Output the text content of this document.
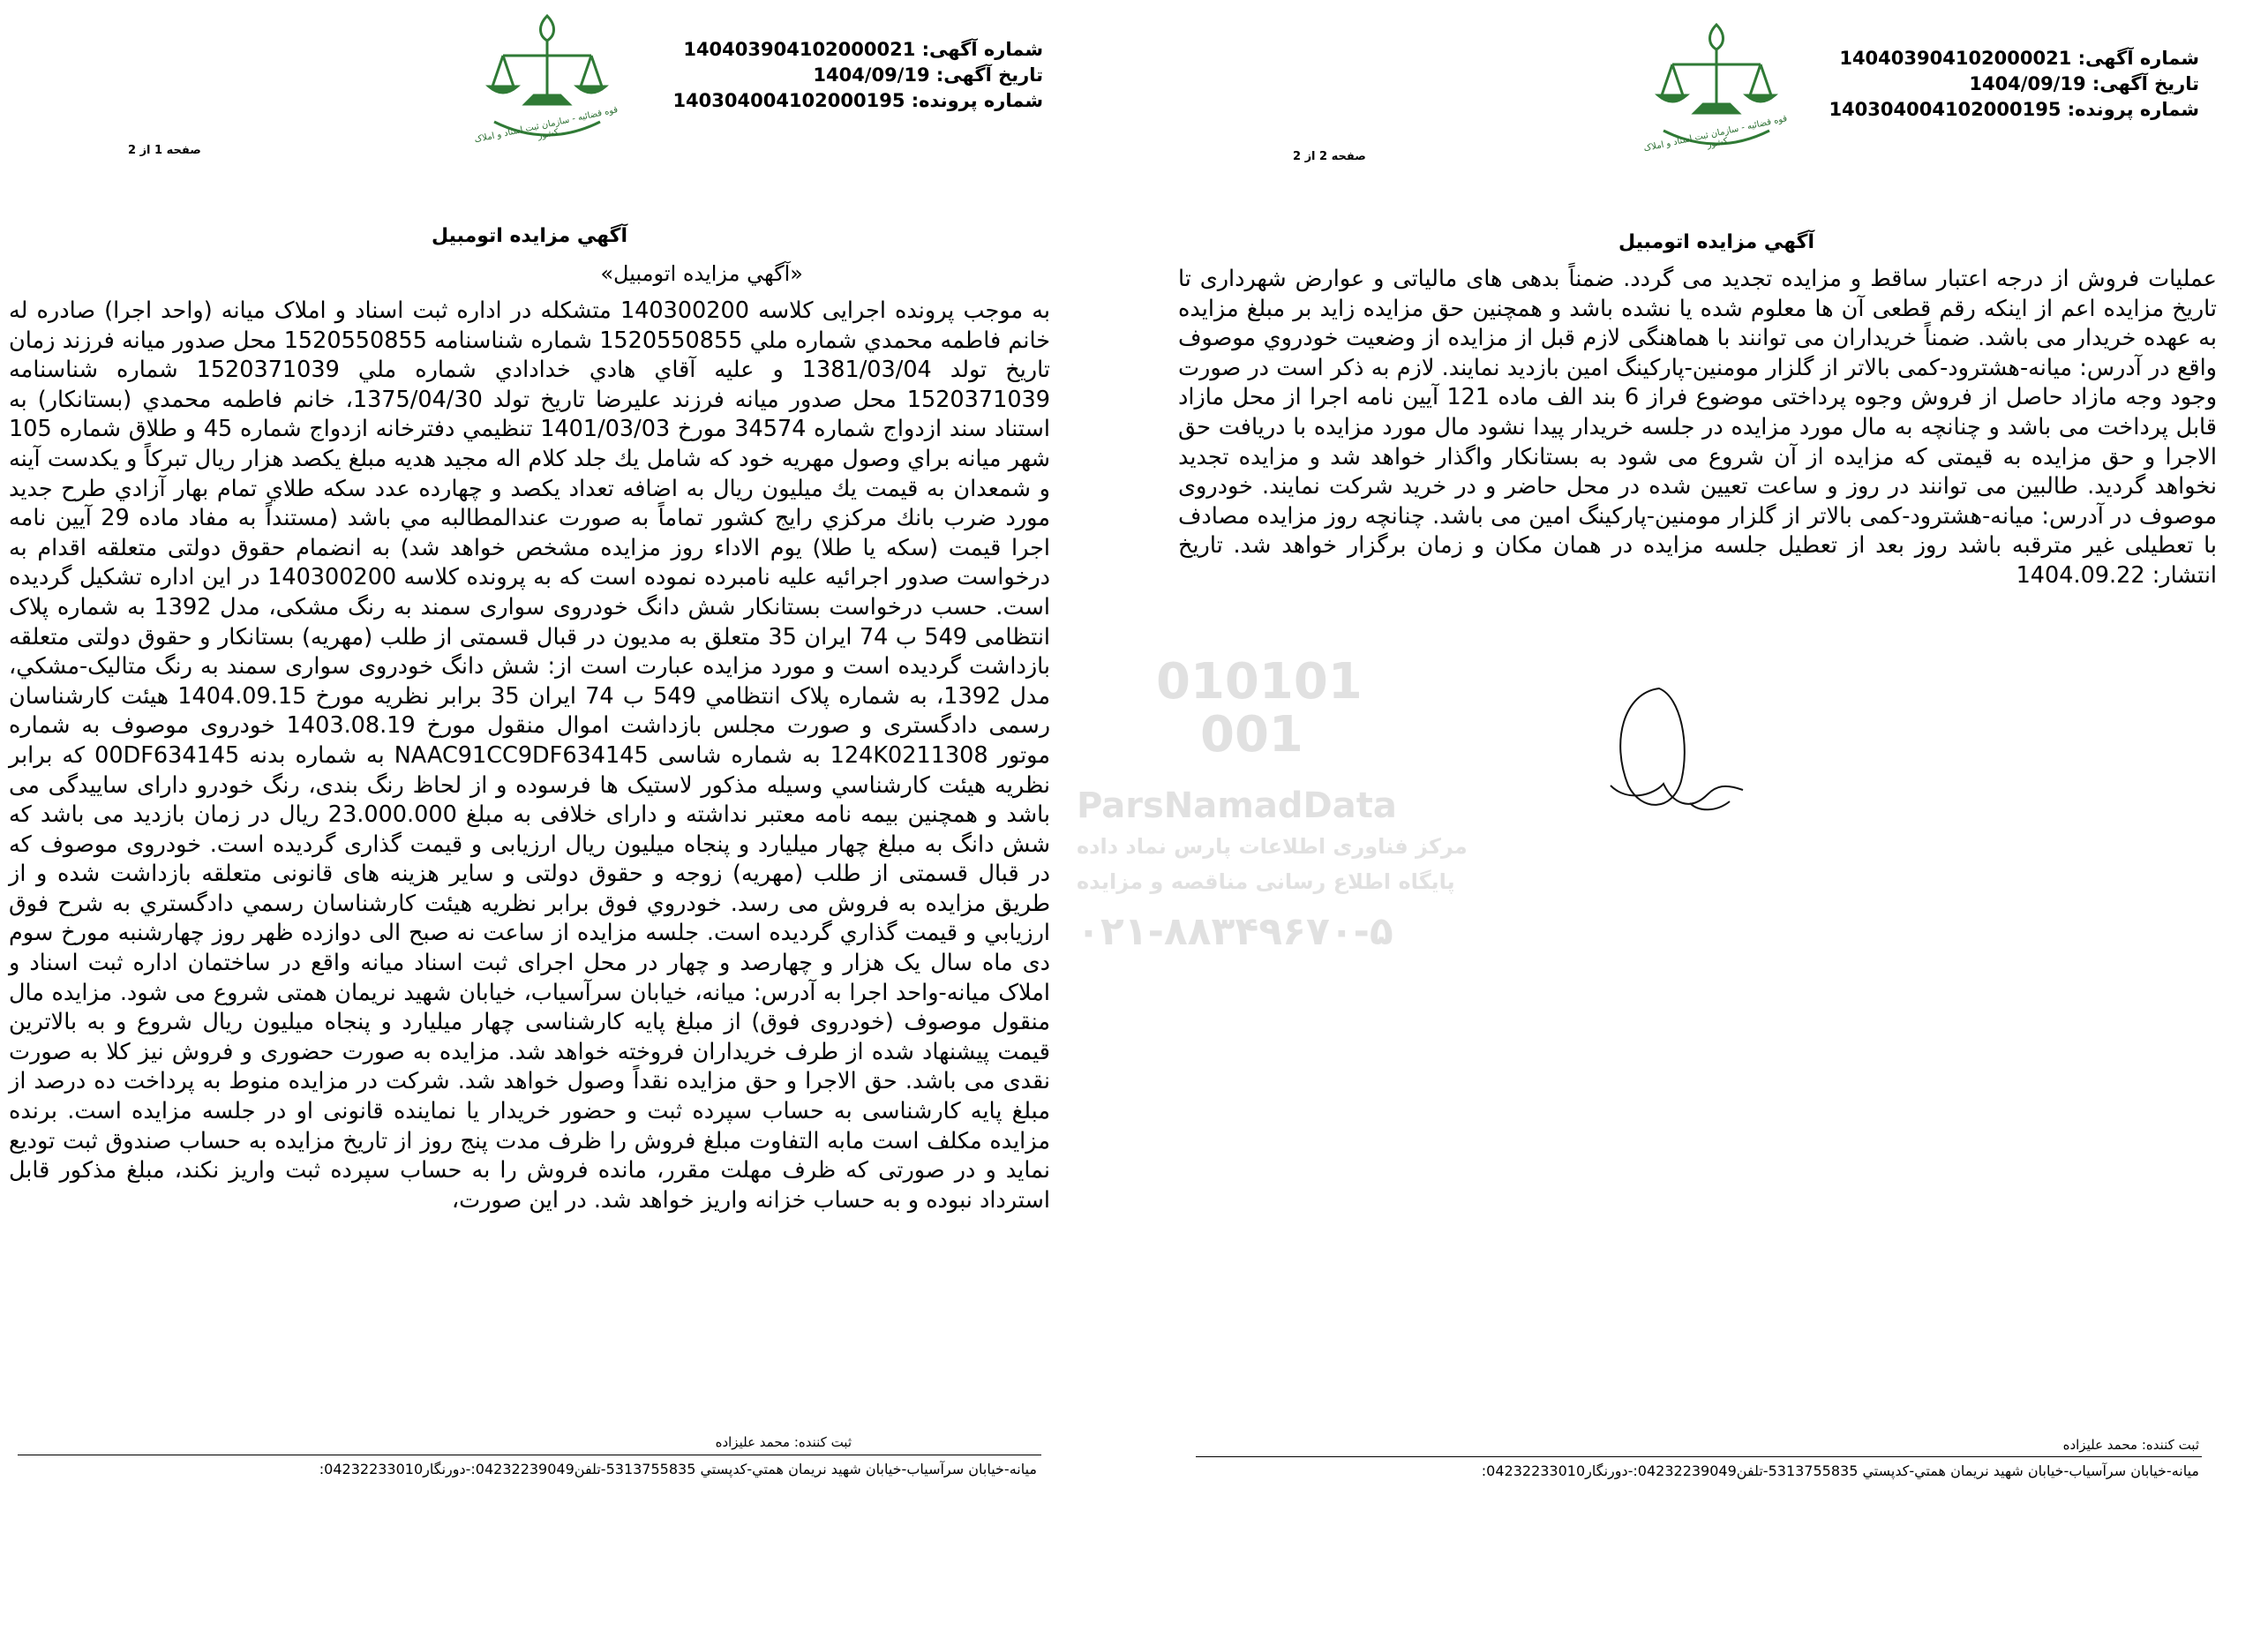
شماره آگهی: 140403904102000021
تاریخ آگهی: 1404/09/19
شماره پرونده: 140304004102000195
قوه قضائیه - سازمان ثبت اسناد و املاک کشور
صفحه 1 از 2
آگهي مزايده اتومبيل
«آگهي مزايده اتومبيل»
به موجب پرونده اجرایی کلاسه 140300200 متشکله در اداره ثبت اسناد و املاک میانه (واحد اجرا) صادره له خانم فاطمه محمدي شماره ملي 1520550855 شماره شناسنامه 1520550855 محل صدور میانه فرزند زمان تاريخ تولد 1381/03/04 و علیه آقاي هادي خدادادي شماره ملي 1520371039 شماره شناسنامه 1520371039 محل صدور میانه فرزند علیرضا تاريخ تولد 1375/04/30، خانم فاطمه محمدي (بستانکار) به استناد سند ازدواج شماره 34574 مورخ 1401/03/03 تنظيمي دفترخانه ازدواج شماره 45 و طلاق شماره 105 شهر میانه براي وصول مهريه خود كه شامل يك جلد كلام اله مجيد هديه مبلغ يكصد هزار ريال تبركاً و يكدست آينه و شمعدان به قيمت يك ميليون ريال به اضافه تعداد يكصد و چهارده عدد سكه طلاي تمام بهار آزادي طرح جديد مورد ضرب بانك مركزي رايج كشور تماماً به صورت عندالمطالبه مي باشد (مستنداً به مفاد ماده 29 آيين نامه اجرا قيمت (سكه يا طلا) يوم الاداء روز مزايده مشخص خواهد شد) به انضمام حقوق دولتی متعلقه اقدام به درخواست صدور اجرائيه عليه نامبرده نموده است که به پرونده کلاسه 140300200 در این اداره تشکیل گردیده است. حسب درخواست بستانکار شش دانگ خودروی سواری سمند به رنگ مشکی، مدل 1392 به شماره پلاک انتظامی 549 ب 74 ایران 35 متعلق به مدیون در قبال قسمتی از طلب (مهریه) بستانکار و حقوق دولتی متعلقه بازداشت گردیده است و مورد مزایده عبارت است از: شش دانگ خودروی سواری سمند به رنگ متالیک-مشکي، مدل 1392، به شماره پلاک انتظامي 549 ب 74 ایران 35 برابر نظریه مورخ 1404.09.15 هیئت كارشناسان رسمی دادگستری و صورت مجلس بازداشت اموال منقول مورخ 1403.08.19 خودروی موصوف به شماره موتور 124K0211308 به شماره شاسی NAAC91CC9DF634145 به شماره بدنه 00DF634145 كه برابر نظريه هيئت كارشناسي وسيله مذكور لاستيک ها فرسوده و از لحاظ رنگ بندی، رنگ خودرو دارای سایيدگی می باشد و همچنین بیمه نامه معتبر نداشته و دارای خلافی به مبلغ 23.000.000 ریال در زمان بازدید می باشد كه شش دانگ به مبلغ چهار میلیارد و پنجاه میلیون ریال ارزیابی و قيمت گذاری گرديده است. خودروی موصوف که در قبال قسمتی از طلب (مهریه) زوجه و حقوق دولتی و سایر هزینه های قانونی متعلقه بازداشت شده و از طريق مزايده به فروش می رسد. خودروي فوق برابر نظريه هيئت كارشناسان رسمي دادگستري به شرح فوق ارزيابي و قيمت گذاري گرديده است. جلسه مزايده از ساعت نه صبح الی دوازده ظهر روز چهارشنبه مورخ سوم دی ماه سال یک هزار و چهارصد و چهار در محل اجرای ثبت اسناد میانه واقع در ساختمان اداره ثبت اسناد و املاک میانه-واحد اجرا به آدرس: میانه، خیابان سرآسیاب، خیابان شهید نریمان همتی شروع می شود. مزايده مال منقول موصوف (خودروی فوق) از مبلغ پايه كارشناسی چهار میلیارد و پنجاه میلیون ریال شروع و به بالاترين قيمت پيشنهاد شده از طرف خريداران فروخته خواهد شد. مزايده به صورت حضوری و فروش نيز كلا به صورت نقدی می باشد. حق الاجرا و حق مزايده نقداً وصول خواهد شد. شركت در مزايده منوط به پرداخت ده درصد از مبلغ پایه کارشناسی به حساب سپرده ثبت و حضور خریدار یا نماینده قانونی او در جلسه مزایده است. برنده مزايده مكلف است مابه التفاوت مبلغ فروش را ظرف مدت پنج روز از تاريخ مزايده به حساب صندوق ثبت توديع نمايد و در صورتی كه ظرف مهلت مقرر، مانده فروش را به حساب سپرده ثبت واریز نكند، مبلغ مذكور قابل استرداد نبوده و به حساب خزانه واريز خواهد شد. در اين صورت،
ثبت کننده: محمد علیزاده
ميانه-خيابان سرآسياب-خيابان شهيد نريمان همتي-کدپستي 5313755835-تلفن04232239049:-دورنگار04232233010:
شماره آگهی: 140403904102000021
تاریخ آگهی: 1404/09/19
شماره پرونده: 140304004102000195
قوه قضائیه - سازمان ثبت اسناد و املاک کشور
صفحه 2 از 2
آگهي مزايده اتومبيل
عملیات فروش از درجه اعتبار ساقط و مزایده تجدید می گردد. ضمناً بدهی های مالیاتی و عوارض شهرداری تا تاریخ مزایده اعم از اینکه رقم قطعی آن ها معلوم شده یا نشده باشد و همچنین حق مزایده زاید بر مبلغ مزایده به عهده خریدار می باشد. ضمناً خریداران می توانند با هماهنگی لازم قبل از مزایده از وضعیت خودروي موصوف واقع در آدرس: میانه-هشترود-کمی بالاتر از گلزار مومنین-پارکینگ امین بازدید نمایند. لازم به ذكر است در صورت وجود وجه مازاد حاصل از فروش وجوه پرداختی موضوع فراز 6 بند الف ماده 121 آیین نامه اجرا از محل مازاد قابل پرداخت می باشد و چنانچه به مال مورد مزایده در جلسه خریدار پیدا نشود مال مورد مزایده با دریافت حق الاجرا و حق مزایده به قیمتی كه مزایده از آن شروع می شود به بستانکار واگذار خواهد شد و مزایده تجدید نخواهد گردید. طالبين می توانند در روز و ساعت تعيين شده در محل حاضر و در خرید شرکت نمایند. خودروی موصوف در آدرس: میانه-هشترود-کمی بالاتر از گلزار مومنین-پارکینگ امین می باشد. چنانچه روز مزايده مصادف با تعطیلی غير مترقبه باشد روز بعد از تعطيل جلسه مزايده در همان مكان و زمان برگزار خواهد شد. تاريخ انتشار: 1404.09.22
ثبت کننده: محمد علیزاده
ميانه-خيابان سرآسياب-خيابان شهيد نريمان همتي-کدپستي 5313755835-تلفن04232239049:-دورنگار04232233010:
010101
001
ParsNamadData
مرکز فناوری اطلاعات پارس نماد داده
پایگاه اطلاع رسانی مناقصه و مزایده
۰۲۱-۸۸۳۴۹۶۷۰-۵
